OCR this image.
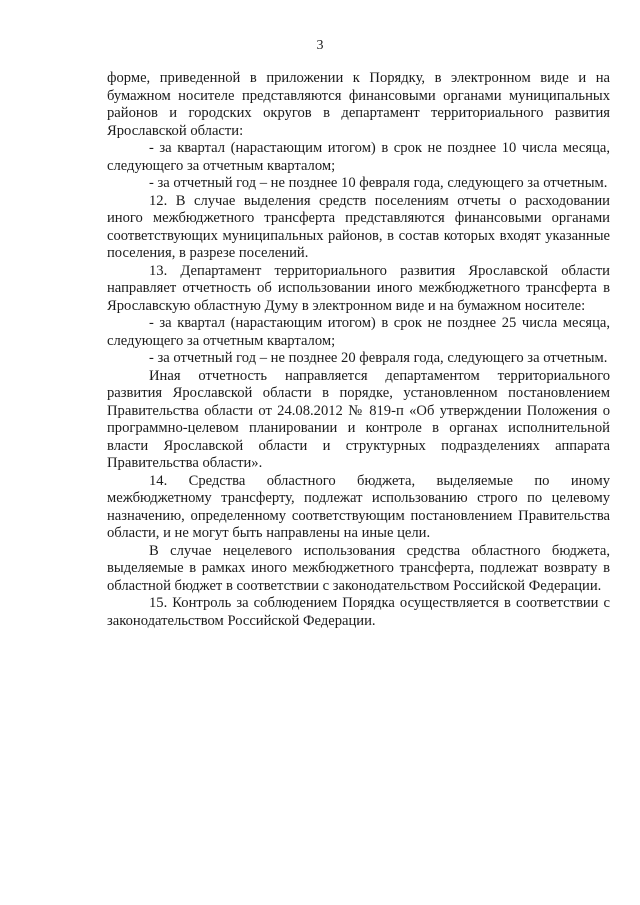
3

форме, приведенной в приложении к Порядку, в электронном виде и на бумажном носителе представляются финансовыми органами муниципальных районов и городских округов в департамент территориального развития Ярославской области:

- за квартал (нарастающим итогом) в срок не позднее 10 числа месяца, следующего за отчетным кварталом;

- за отчетный год – не позднее 10 февраля года, следующего за отчетным.

12. В случае выделения средств поселениям отчеты о расходовании иного межбюджетного трансферта представляются финансовыми органами соответствующих муниципальных районов, в состав которых входят указанные поселения, в разрезе поселений.

13. Департамент территориального развития Ярославской области направляет отчетность об использовании иного межбюджетного трансферта в Ярославскую областную Думу в электронном виде и на бумажном носителе:

- за квартал (нарастающим итогом) в срок не позднее 25 числа месяца, следующего за отчетным кварталом;

- за отчетный год – не позднее 20 февраля года, следующего за отчетным.

Иная отчетность направляется департаментом территориального развития Ярославской области в порядке, установленном постановлением Правительства области от 24.08.2012 № 819-п «Об утверждении Положения о программно-целевом планировании и контроле в органах исполнительной власти Ярославской области и структурных подразделениях аппарата Правительства области».

14. Средства областного бюджета, выделяемые по иному межбюджетному трансферту, подлежат использованию строго по целевому назначению, определенному соответствующим постановлением Правительства области, и не могут быть направлены на иные цели.

В случае нецелевого использования средства областного бюджета, выделяемые в рамках иного межбюджетного трансферта, подлежат возврату в областной бюджет в соответствии с законодательством Российской Федерации.

15. Контроль за соблюдением Порядка осуществляется в соответствии с законодательством Российской Федерации.
